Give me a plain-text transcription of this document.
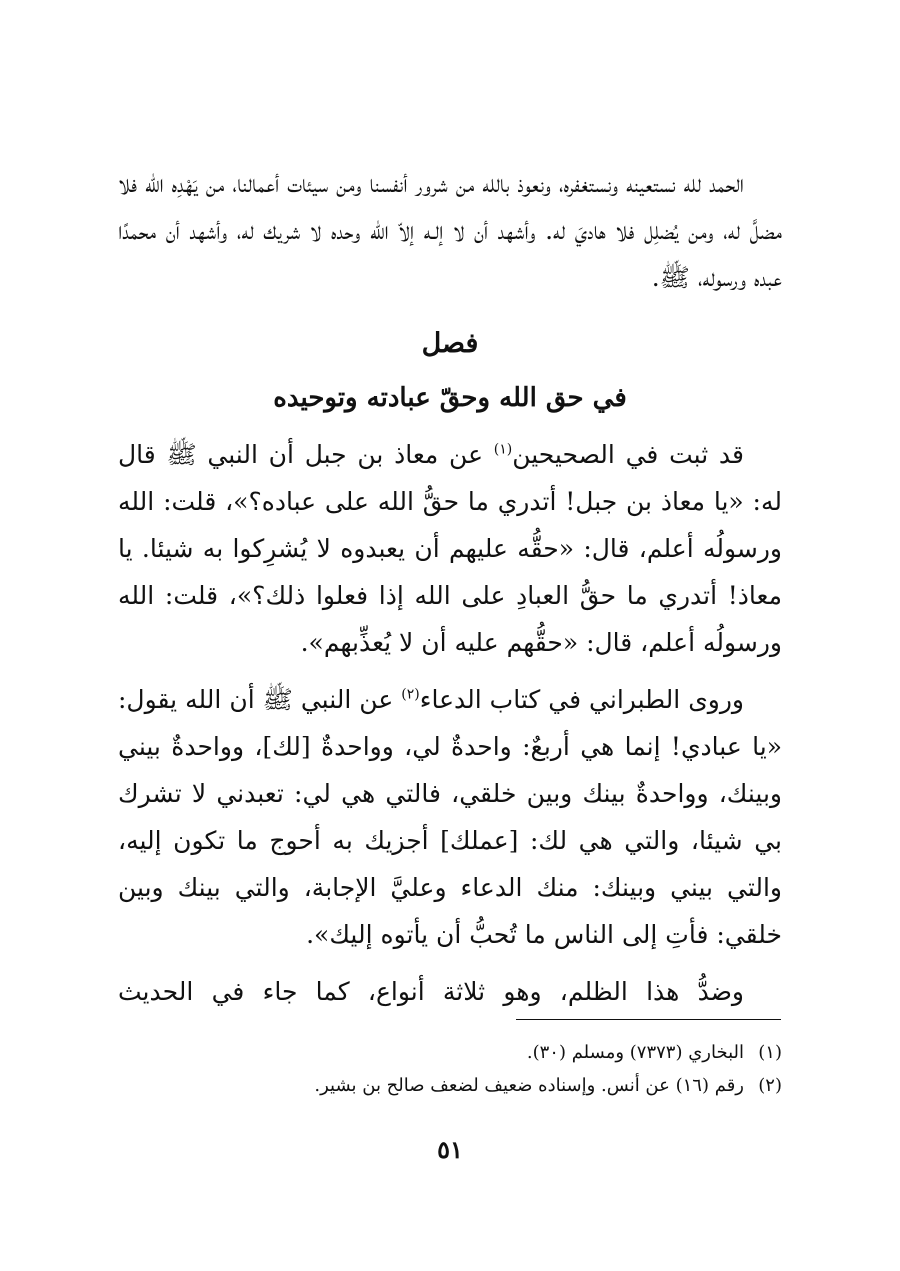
الحمد لله نستعينه ونستغفره، ونعوذ بالله من شرور أنفسنا ومن سيئات أعمالنا، من يَهْدِه الله فلا مضلَّ له، ومن يُضلِل فلا هاديَ له. وأشهد أن لا إلـه إلاّ الله وحده لا شريك له، وأشهد أن محمدًا عبده ورسوله، ﷺ.

فصل
في حق الله وحقّ عبادته وتوحيده

قد ثبت في الصحيحين$^{(١)}$ عن معاذ بن جبل أن النبي ﷺ قال له: «يا معاذ بن جبل! أتدري ما حقُّ الله على عباده؟»، قلت: الله ورسولُه أعلم، قال: «حقُّه عليهم أن يعبدوه لا يُشرِكوا به شيئا. يا معاذ! أتدري ما حقُّ العبادِ على الله إذا فعلوا ذلك؟»، قلت: الله ورسولُه أعلم، قال: «حقُّهم عليه أن لا يُعذِّبهم».

وروى الطبراني في كتاب الدعاء$^{(٢)}$ عن النبي ﷺ أن الله يقول: «يا عبادي! إنما هي أربعٌ: واحدةٌ لي، وواحدةٌ [لك]، وواحدةٌ بيني وبينك، وواحدةٌ بينك وبين خلقي، فالتي هي لي: تعبدني لا تشرك بي شيئا، والتي هي لك: [عملك] أجزيك به أحوج ما تكون إليه، والتي بيني وبينك: منك الدعاء وعليَّ الإجابة، والتي بينك وبين خلقي: فأتِ إلى الناس ما تُحبُّ أن يأتوه إليك».

وضدُّ هذا الظلم، وهو ثلاثة أنواع، كما جاء في الحديث

(١)البخاري (٧٣٧٣) ومسلم (٣٠).

(٢)رقم (١٦) عن أنس. وإسناده ضعيف لضعف صالح بن بشير.

٥١
